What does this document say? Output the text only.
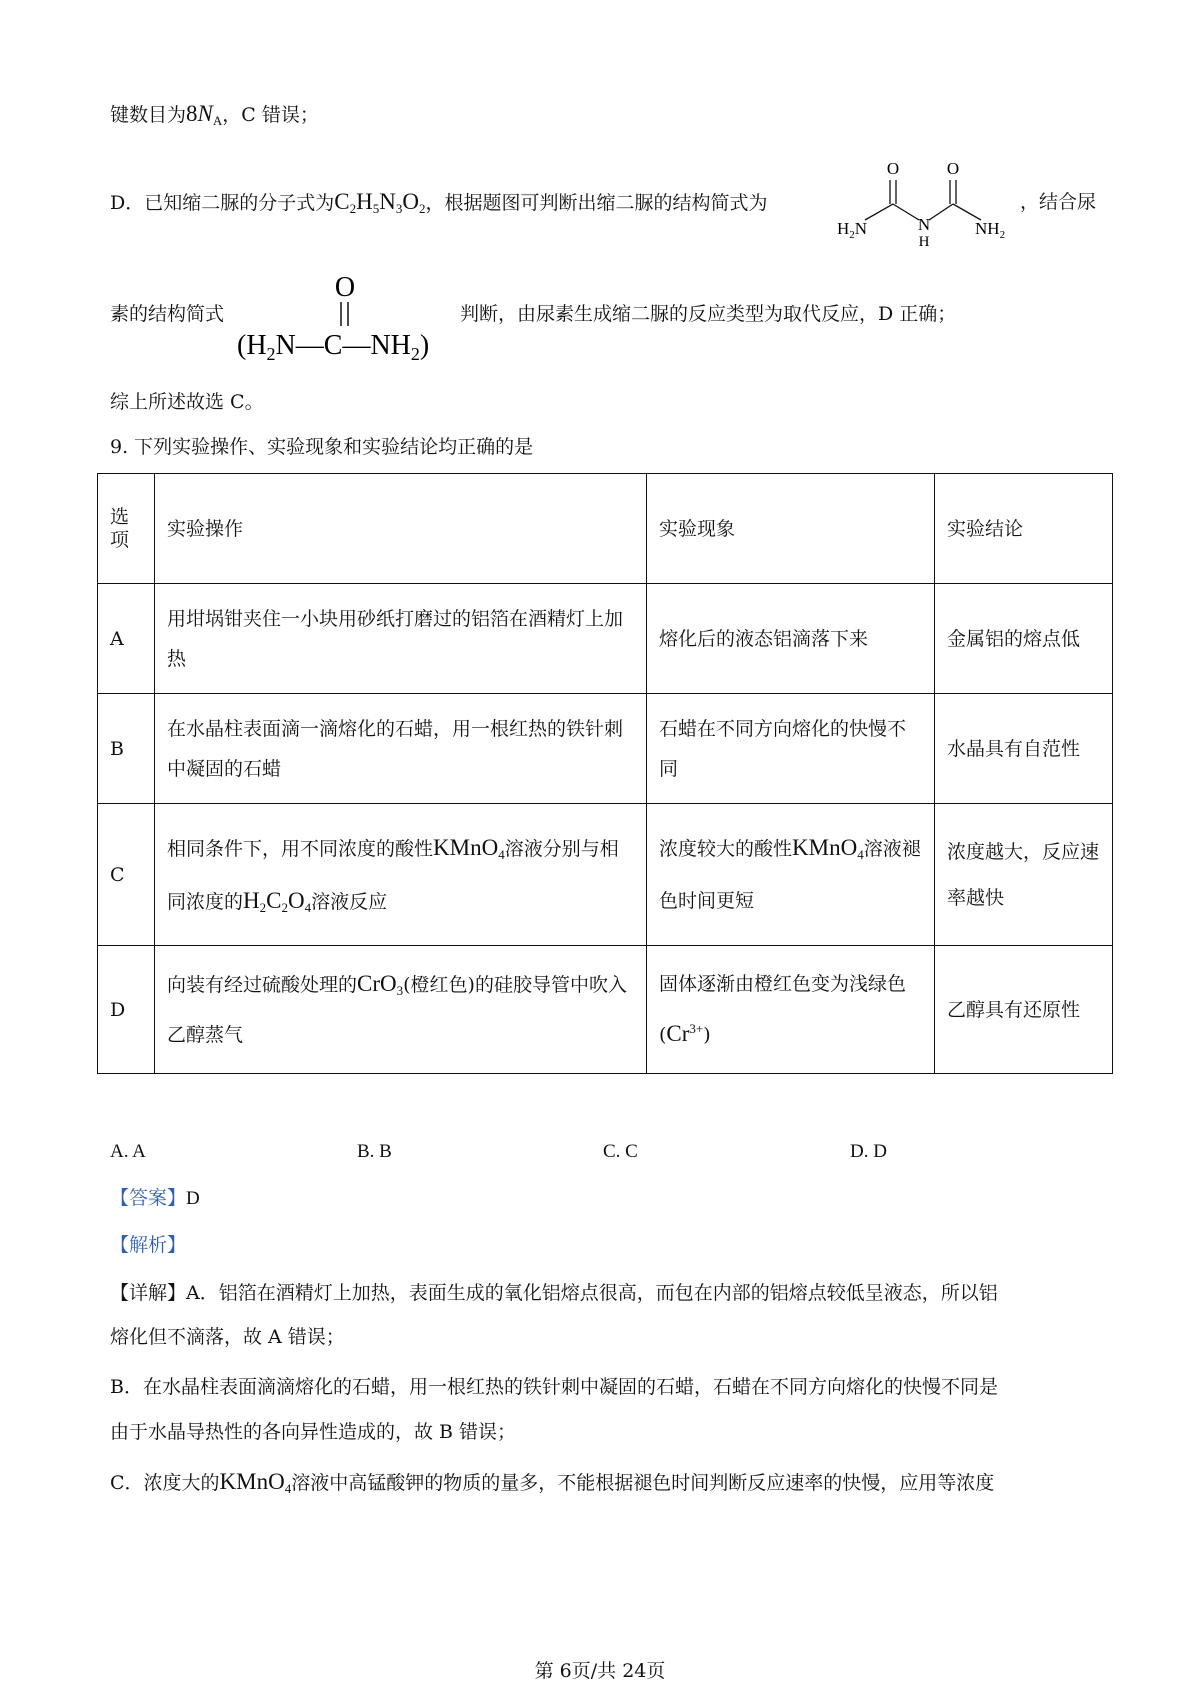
键数目为$8N_A$，C 错误；
D．已知缩二脲的分子式为$C_2H_5N_3O_2$，根据题图可判断出缩二脲的结构简式为
O	O
$H_2N$	N
H
$NH_2$
，结合尿
素的结构简式
O
$(H_2N—C—NH_2)$
判断，由尿素生成缩二脲的反应类型为取代反应，D 正确；
综上所述故选 C。
9. 下列实验操作、实验现象和实验结论均正确的是
选项	实验操作	实验现象	实验结论
A	用坩埚钳夹住一小块用砂纸打磨过的铝箔在酒精灯上加热	熔化后的液态铝滴落下来	金属铝的熔点低
B	在水晶柱表面滴一滴熔化的石蜡，用一根红热的铁针刺中凝固的石蜡	石蜡在不同方向熔化的快慢不同	水晶具有自范性
C	相同条件下，用不同浓度的酸性KMnO$_4$溶液分别与相同浓度的$H_2C_2O_4$溶液反应	浓度较大的酸性KMnO$_4$溶液褪色时间更短	浓度越大，反应速率越快
D	向装有经过硫酸处理的CrO$_3$(橙红色)的硅胶导管中吹入乙醇蒸气	固体逐渐由橙红色变为浅绿色$(Cr^{3+})$	乙醇具有还原性
A. A	B. B	C. C	D. D
【答案】D
【解析】
【详解】A．铝箔在酒精灯上加热，表面生成的氧化铝熔点很高，而包在内部的铝熔点较低呈液态，所以铝
熔化但不滴落，故 A 错误；
B．在水晶柱表面滴滴熔化的石蜡，用一根红热的铁针刺中凝固的石蜡，石蜡在不同方向熔化的快慢不同是
由于水晶导热性的各向异性造成的，故 B 错误；
C．浓度大的KMnO$_4$溶液中高锰酸钾的物质的量多，不能根据褪色时间判断反应速率的快慢，应用等浓度
第 6页/共 24页
